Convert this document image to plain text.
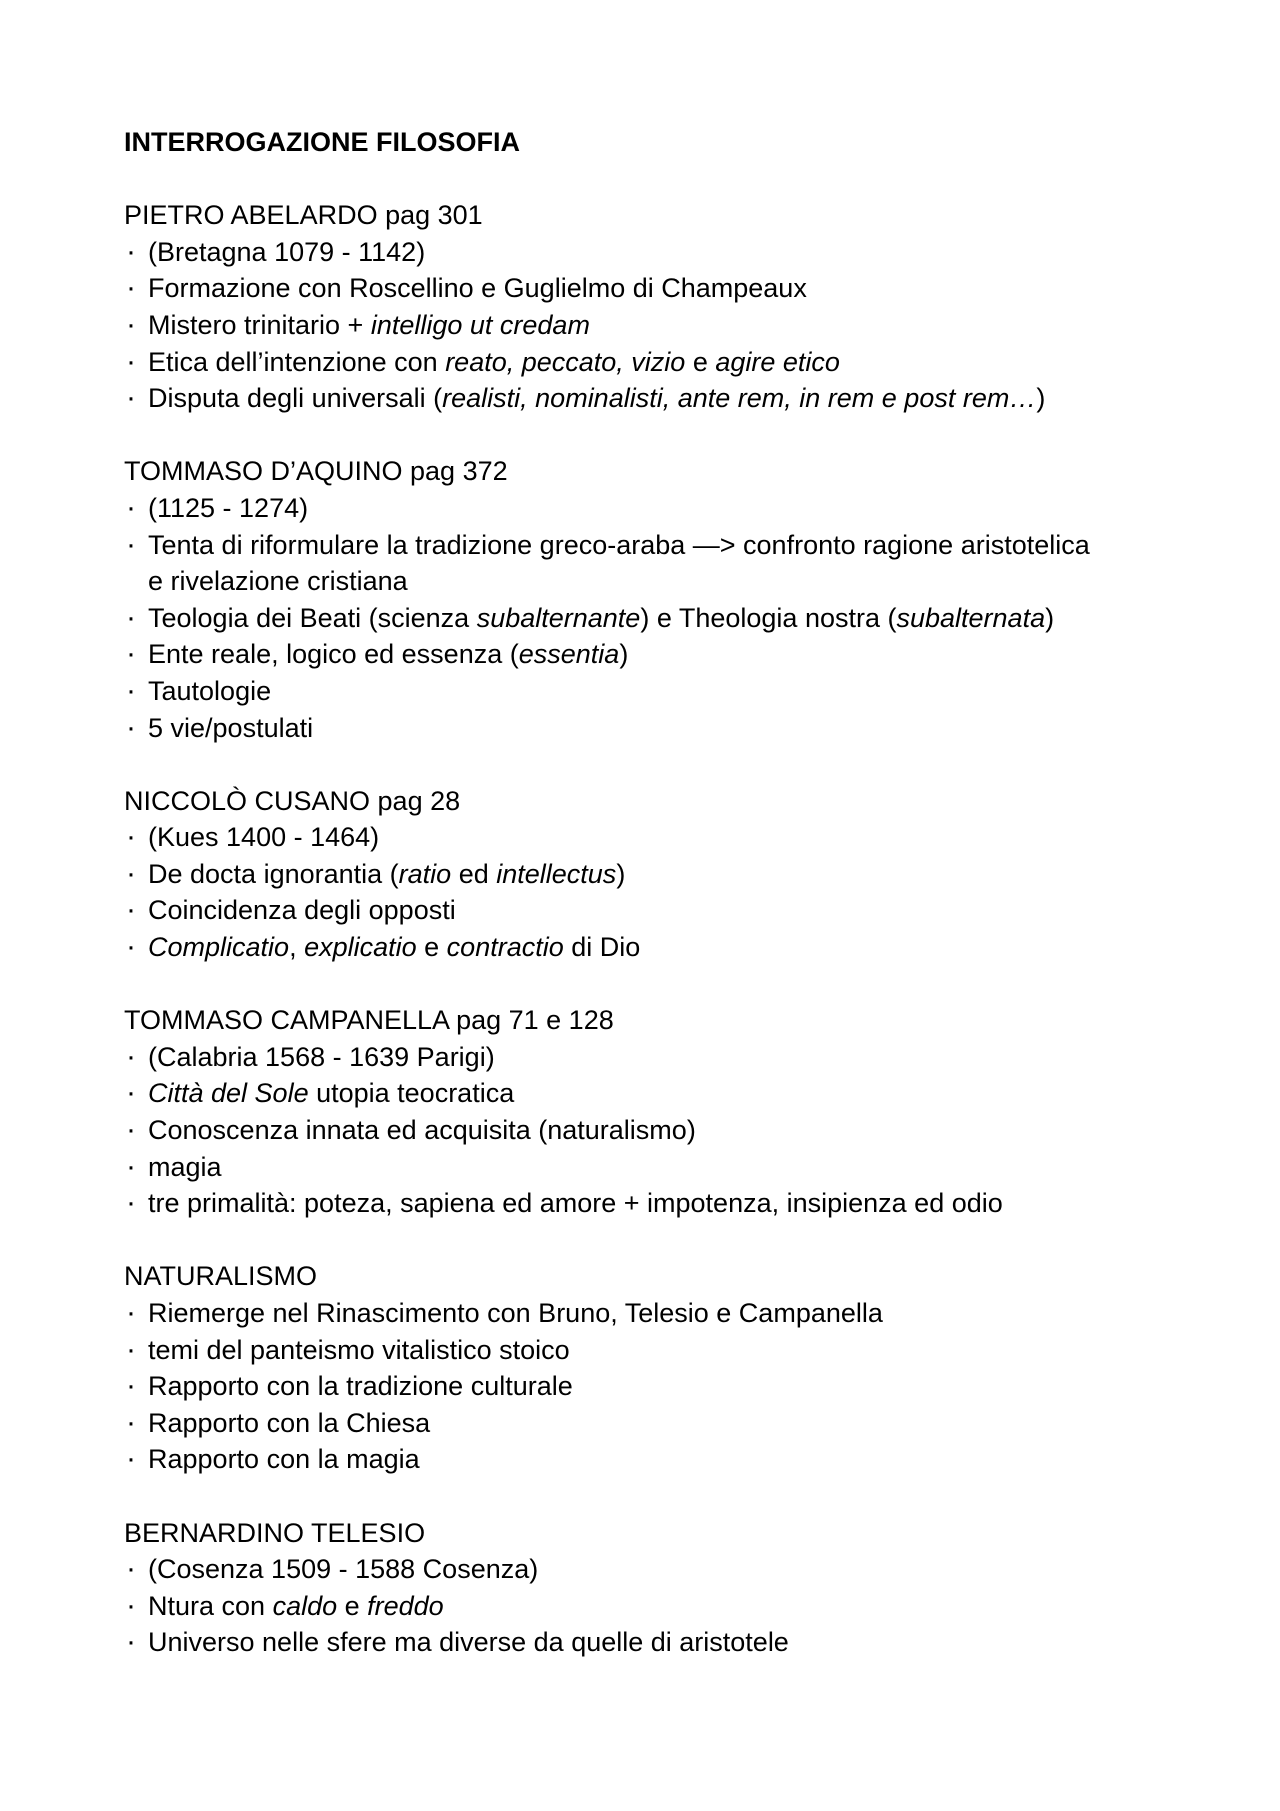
INTERROGAZIONE FILOSOFIA
PIETRO ABELARDO pag 301
· (Bretagna 1079 - 1142)
· Formazione con Roscellino e Guglielmo di Champeaux
· Mistero trinitario + intelligo ut credam
· Etica dell’intenzione con reato, peccato, vizio e agire etico
· Disputa degli universali (realisti, nominalisti, ante rem, in rem e post rem…)
TOMMASO D’AQUINO pag 372
· (1125 - 1274)
· Tenta di riformulare la tradizione greco-araba —> confronto ragione aristotelica e rivelazione cristiana
· Teologia dei Beati (scienza subalternante) e Theologia nostra (subalternata)
· Ente reale, logico ed essenza (essentia)
· Tautologie
· 5 vie/postulati
NICCOLÒ CUSANO pag 28
· (Kues 1400 - 1464)
· De docta ignorantia (ratio ed intellectus)
· Coincidenza degli opposti
· Complicatio, explicatio e contractio di Dio
TOMMASO CAMPANELLA pag 71 e 128
· (Calabria 1568 - 1639 Parigi)
· Città del Sole utopia teocratica
· Conoscenza innata ed acquisita (naturalismo)
· magia
· tre primalità: poteza, sapiena ed amore + impotenza, insipienza ed odio
NATURALISMO
· Riemerge nel Rinascimento con Bruno, Telesio e Campanella
· temi del panteismo vitalistico stoico
· Rapporto con la tradizione culturale
· Rapporto con la Chiesa
· Rapporto con la magia
BERNARDINO TELESIO
· (Cosenza 1509 - 1588 Cosenza)
· Ntura con caldo e freddo
· Universo nelle sfere ma diverse da quelle di aristotele
